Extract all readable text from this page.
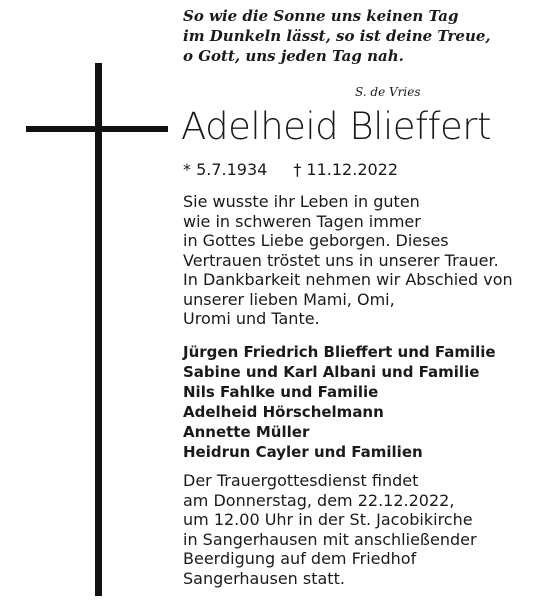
So wie die Sonne uns keinen Tag
im Dunkeln lässt, so ist deine Treue,
o Gott, uns jeden Tag nah.
S. de Vries
Adelheid Blieffert
* 5.7.1934 † 11.12.2022
Sie wusste ihr Leben in guten
wie in schweren Tagen immer
in Gottes Liebe geborgen. Dieses
Vertrauen tröstet uns in unserer Trauer.
In Dankbarkeit nehmen wir Abschied von
unserer lieben Mami, Omi,
Uromi und Tante.
Jürgen Friedrich Blieffert und Familie
Sabine und Karl Albani und Familie
Nils Fahlke und Familie
Adelheid Hörschelmann
Annette Müller
Heidrun Cayler und Familien
Der Trauergottesdienst findet
am Donnerstag, dem 22.12.2022,
um 12.00 Uhr in der St. Jacobikirche
in Sangerhausen mit anschließender
Beerdigung auf dem Friedhof
Sangerhausen statt.
